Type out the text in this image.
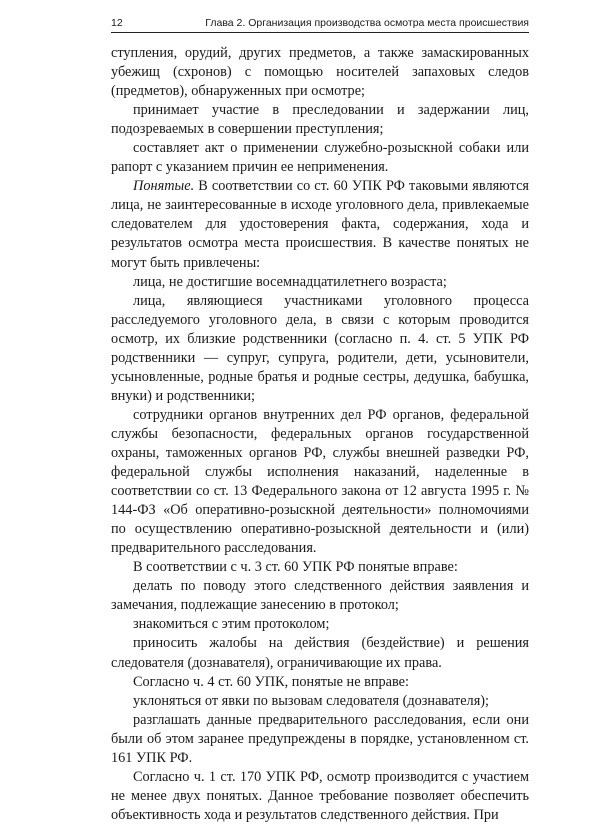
12	Глава 2. Организация производства осмотра места происшествия

ступления, орудий, других предметов, а также замаскированных убежищ (схронов) с помощью носителей запаховых следов (предметов), обнаруженных при осмотре;

принимает участие в преследовании и задержании лиц, подозреваемых в совершении преступления;

составляет акт о применении служебно-розыскной собаки или рапорт с указанием причин ее неприменения.

Понятые. В соответствии со ст. 60 УПК РФ таковыми являются лица, не заинтересованные в исходе уголовного дела, привлекаемые следователем для удостоверения факта, содержания, хода и результатов осмотра места происшествия. В качестве понятых не могут быть привлечены:

лица, не достигшие восемнадцатилетнего возраста;

лица, являющиеся участниками уголовного процесса расследуемого уголовного дела, в связи с которым проводится осмотр, их близкие родственники (согласно п. 4. ст. 5 УПК РФ родственники — супруг, супруга, родители, дети, усыновители, усыновленные, родные братья и родные сестры, дедушка, бабушка, внуки) и родственники;

сотрудники органов внутренних дел РФ органов, федеральной службы безопасности, федеральных органов государственной охраны, таможенных органов РФ, службы внешней разведки РФ, федеральной службы исполнения наказаний, наделенные в соответствии со ст. 13 Федерального закона от 12 августа 1995 г. № 144-ФЗ «Об оперативно-розыскной деятельности» полномочиями по осуществлению оперативно-розыскной деятельности и (или) предварительного расследования.

В соответствии с ч. 3 ст. 60 УПК РФ понятые вправе:

делать по поводу этого следственного действия заявления и замечания, подлежащие занесению в протокол;

знакомиться с этим протоколом;

приносить жалобы на действия (бездействие) и решения следователя (дознавателя), ограничивающие их права.

Согласно ч. 4 ст. 60 УПК, понятые не вправе:

уклоняться от явки по вызовам следователя (дознавателя);

разглашать данные предварительного расследования, если они были об этом заранее предупреждены в порядке, установленном ст. 161 УПК РФ.

Согласно ч. 1 ст. 170 УПК РФ, осмотр производится с участием не менее двух понятых. Данное требование позволяет обеспечить объективность хода и результатов следственного действия. При
